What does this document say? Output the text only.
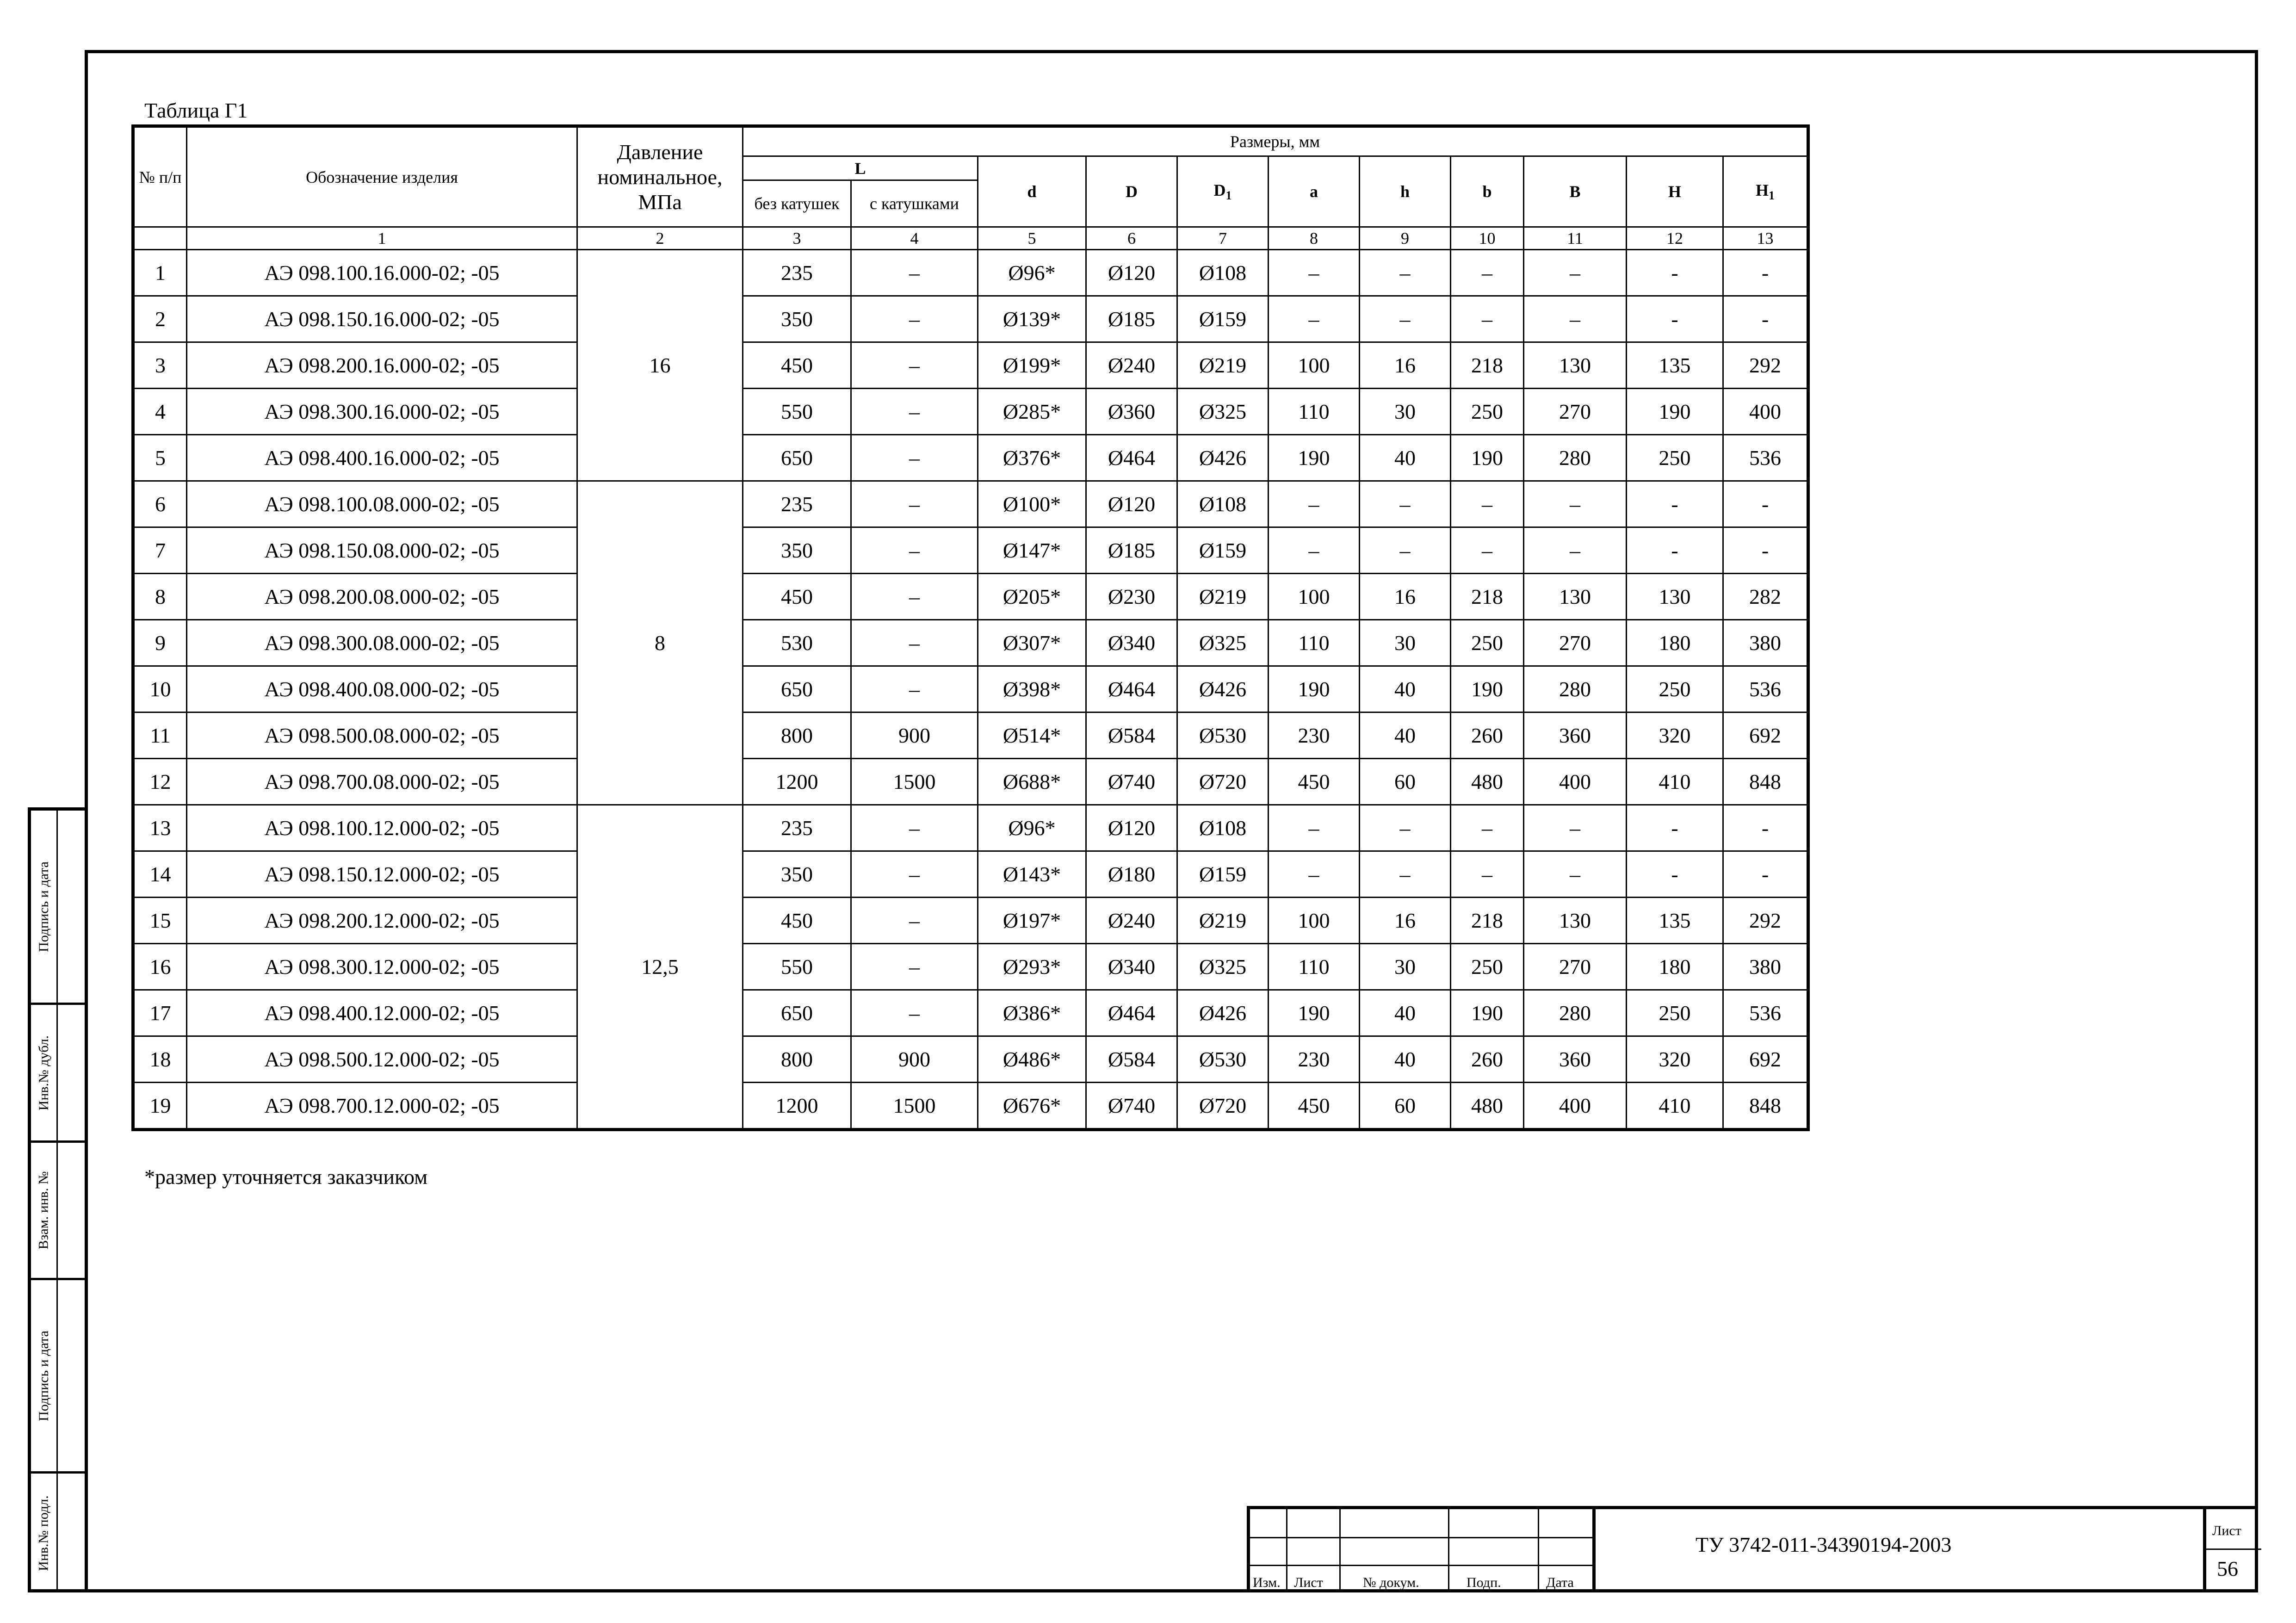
Подпись и дата
Инв.№ дубл.
Взам. инв. №
Подпись и дата
Инв.№ подл.
Таблица Г1
№ п/п	Обозначение изделия	Давление номинальное, МПа	Размеры, мм										
			L		d	D	$D_1$	a	h	b	B	H	$H_1$
			без катушек	с катушками									
	1	2	3	4	5	6	7	8	9	10	11	12	13
1	АЭ 098.100.16.000-02; -05	16	235	–	Ø96*	Ø120	Ø108	–	–	–	–	-	-
2	АЭ 098.150.16.000-02; -05		350	–	Ø139*	Ø185	Ø159	–	–	–	–	-	-
3	АЭ 098.200.16.000-02; -05		450	–	Ø199*	Ø240	Ø219	100	16	218	130	135	292
4	АЭ 098.300.16.000-02; -05		550	–	Ø285*	Ø360	Ø325	110	30	250	270	190	400
5	АЭ 098.400.16.000-02; -05		650	–	Ø376*	Ø464	Ø426	190	40	190	280	250	536
6	АЭ 098.100.08.000-02; -05	8	235	–	Ø100*	Ø120	Ø108	–	–	–	–	-	-
7	АЭ 098.150.08.000-02; -05		350	–	Ø147*	Ø185	Ø159	–	–	–	–	-	-
8	АЭ 098.200.08.000-02; -05		450	–	Ø205*	Ø230	Ø219	100	16	218	130	130	282
9	АЭ 098.300.08.000-02; -05		530	–	Ø307*	Ø340	Ø325	110	30	250	270	180	380
10	АЭ 098.400.08.000-02; -05		650	–	Ø398*	Ø464	Ø426	190	40	190	280	250	536
11	АЭ 098.500.08.000-02; -05		800	900	Ø514*	Ø584	Ø530	230	40	260	360	320	692
12	АЭ 098.700.08.000-02; -05		1200	1500	Ø688*	Ø740	Ø720	450	60	480	400	410	848
13	АЭ 098.100.12.000-02; -05	12,5	235	–	Ø96*	Ø120	Ø108	–	–	–	–	-	-
14	АЭ 098.150.12.000-02; -05		350	–	Ø143*	Ø180	Ø159	–	–	–	–	-	-
15	АЭ 098.200.12.000-02; -05		450	–	Ø197*	Ø240	Ø219	100	16	218	130	135	292
16	АЭ 098.300.12.000-02; -05		550	–	Ø293*	Ø340	Ø325	110	30	250	270	180	380
17	АЭ 098.400.12.000-02; -05		650	–	Ø386*	Ø464	Ø426	190	40	190	280	250	536
18	АЭ 098.500.12.000-02; -05		800	900	Ø486*	Ø584	Ø530	230	40	260	360	320	692
19	АЭ 098.700.12.000-02; -05		1200	1500	Ø676*	Ø740	Ø720	450	60	480	400	410	848
*размер уточняется заказчиком
Изм. Лист	№ докум.	Подп.	Дата
ТУ 3742-011-34390194-2003
Лист
56
